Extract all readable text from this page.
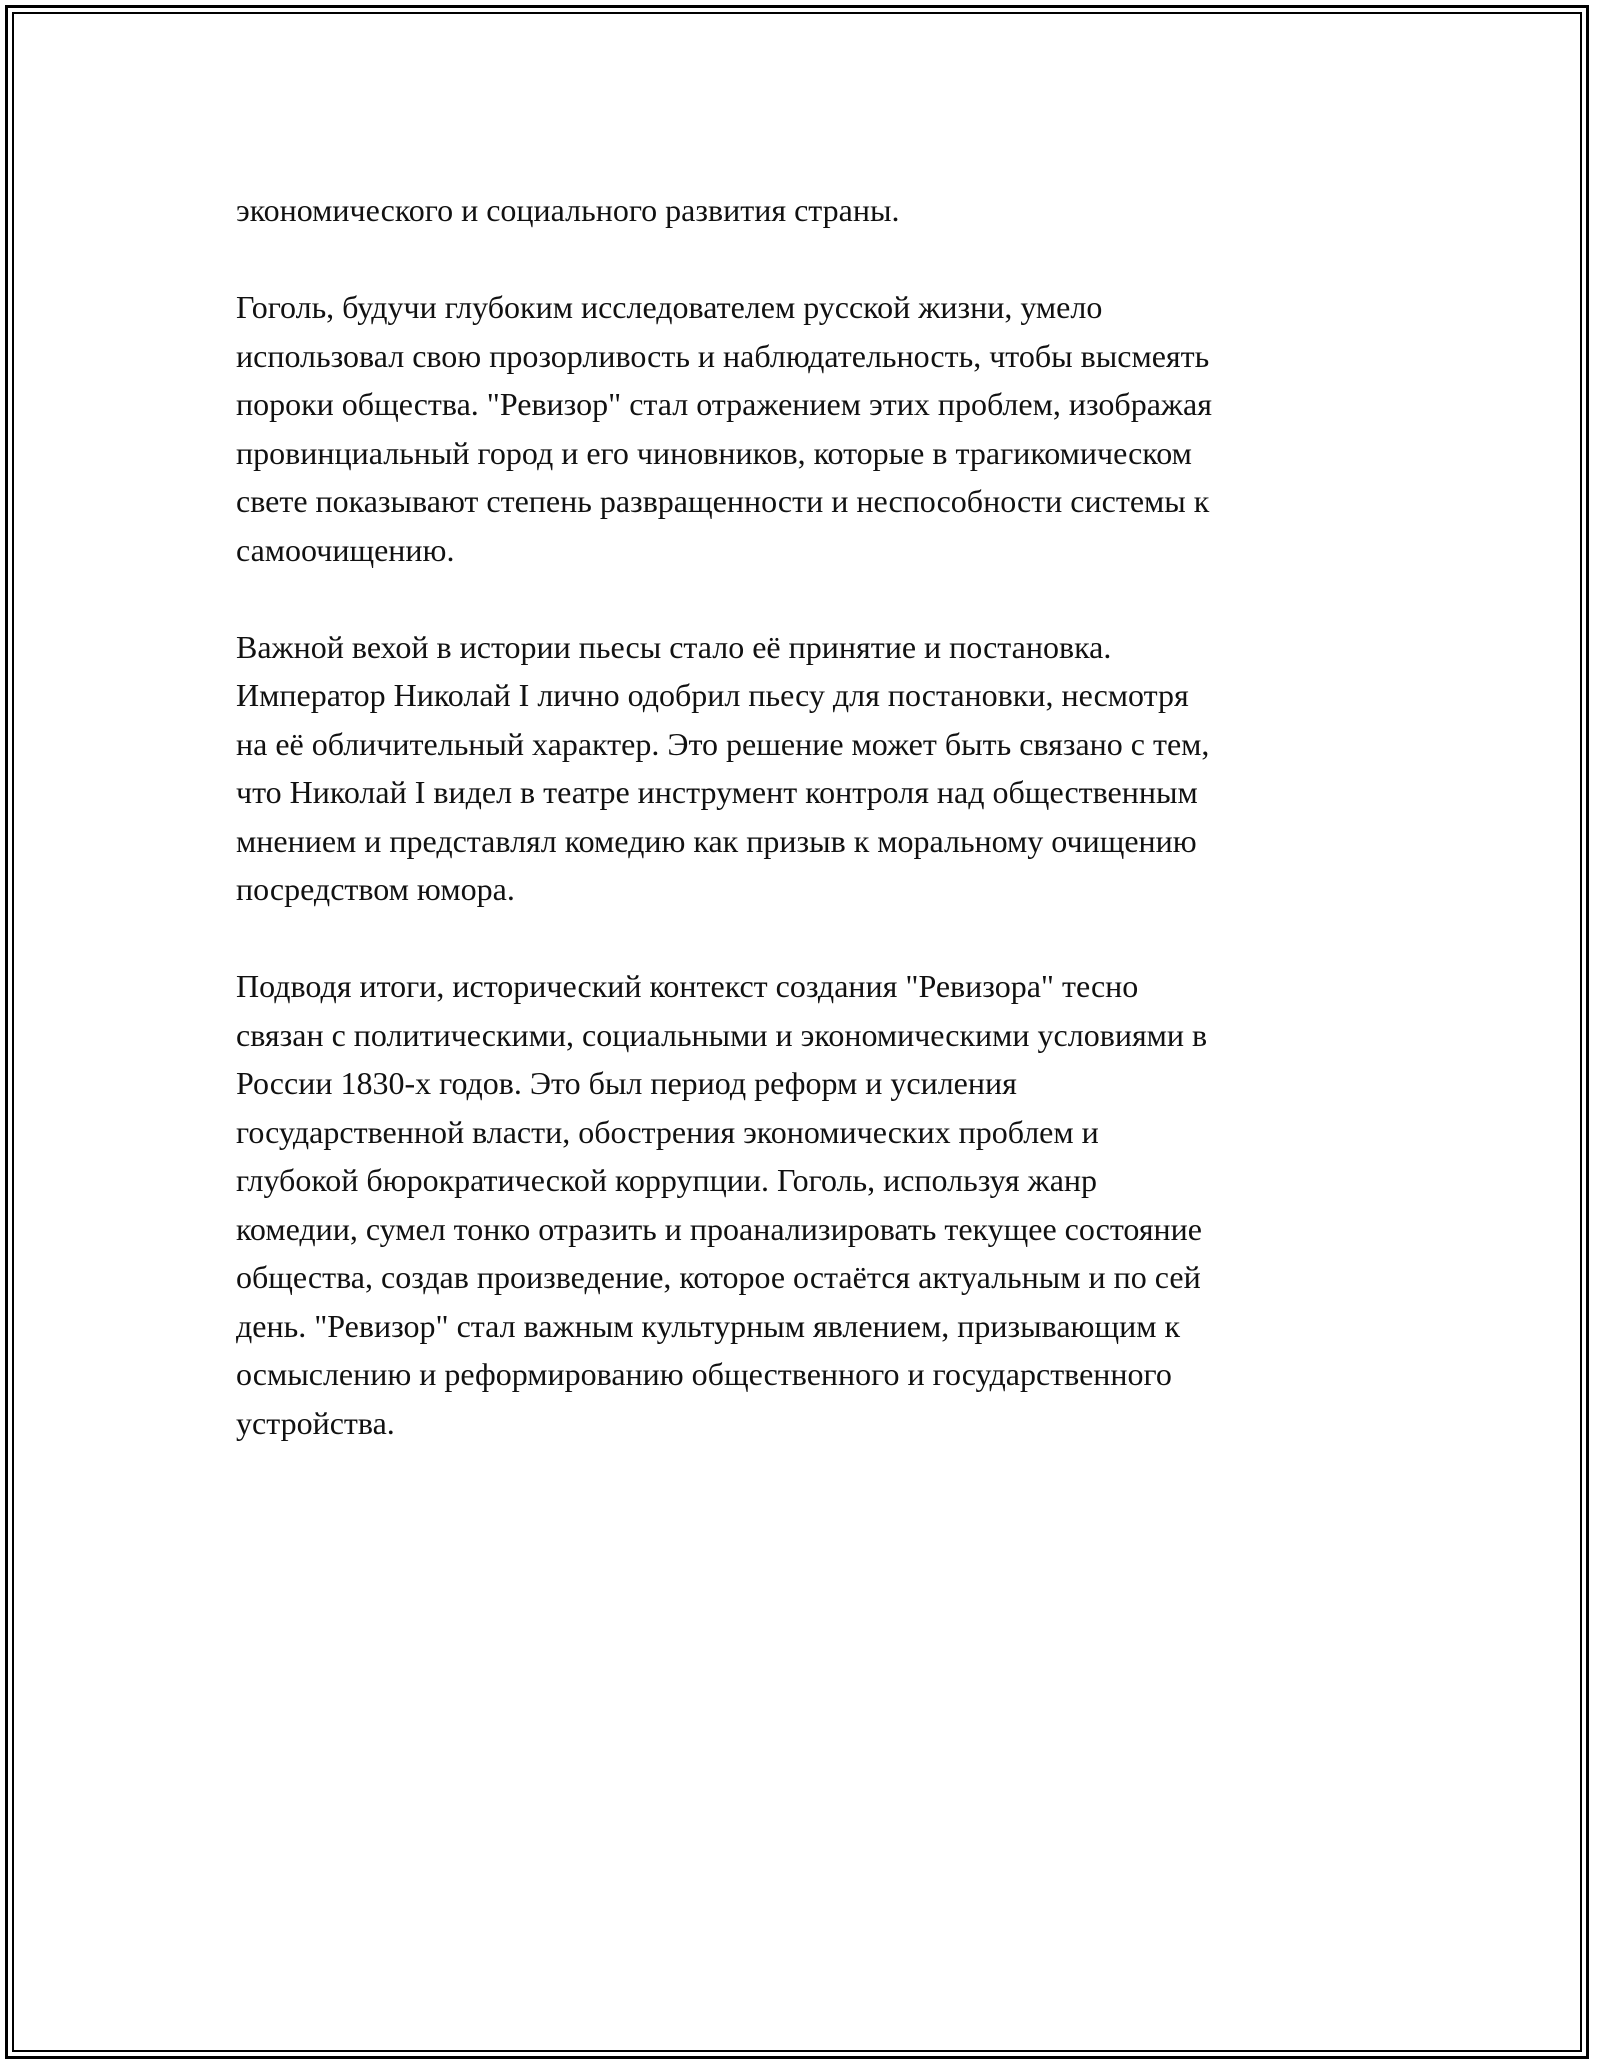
экономического и социального развития страны.

Гоголь, будучи глубоким исследователем русской жизни, умело
использовал свою прозорливость и наблюдательность, чтобы высмеять
пороки общества. "Ревизор" стал отражением этих проблем, изображая
провинциальный город и его чиновников, которые в трагикомическом
свете показывают степень развращенности и неспособности системы к
самоочищению.

Важной вехой в истории пьесы стало её принятие и постановка.
Император Николай I лично одобрил пьесу для постановки, несмотря
на её обличительный характер. Это решение может быть связано с тем,
что Николай I видел в театре инструмент контроля над общественным
мнением и представлял комедию как призыв к моральному очищению
посредством юмора.

Подводя итоги, исторический контекст создания "Ревизора" тесно
связан с политическими, социальными и экономическими условиями в
России 1830-х годов. Это был период реформ и усиления
государственной власти, обострения экономических проблем и
глубокой бюрократической коррупции. Гоголь, используя жанр
комедии, сумел тонко отразить и проанализировать текущее состояние
общества, создав произведение, которое остаётся актуальным и по сей
день. "Ревизор" стал важным культурным явлением, призывающим к
осмыслению и реформированию общественного и государственного
устройства.
